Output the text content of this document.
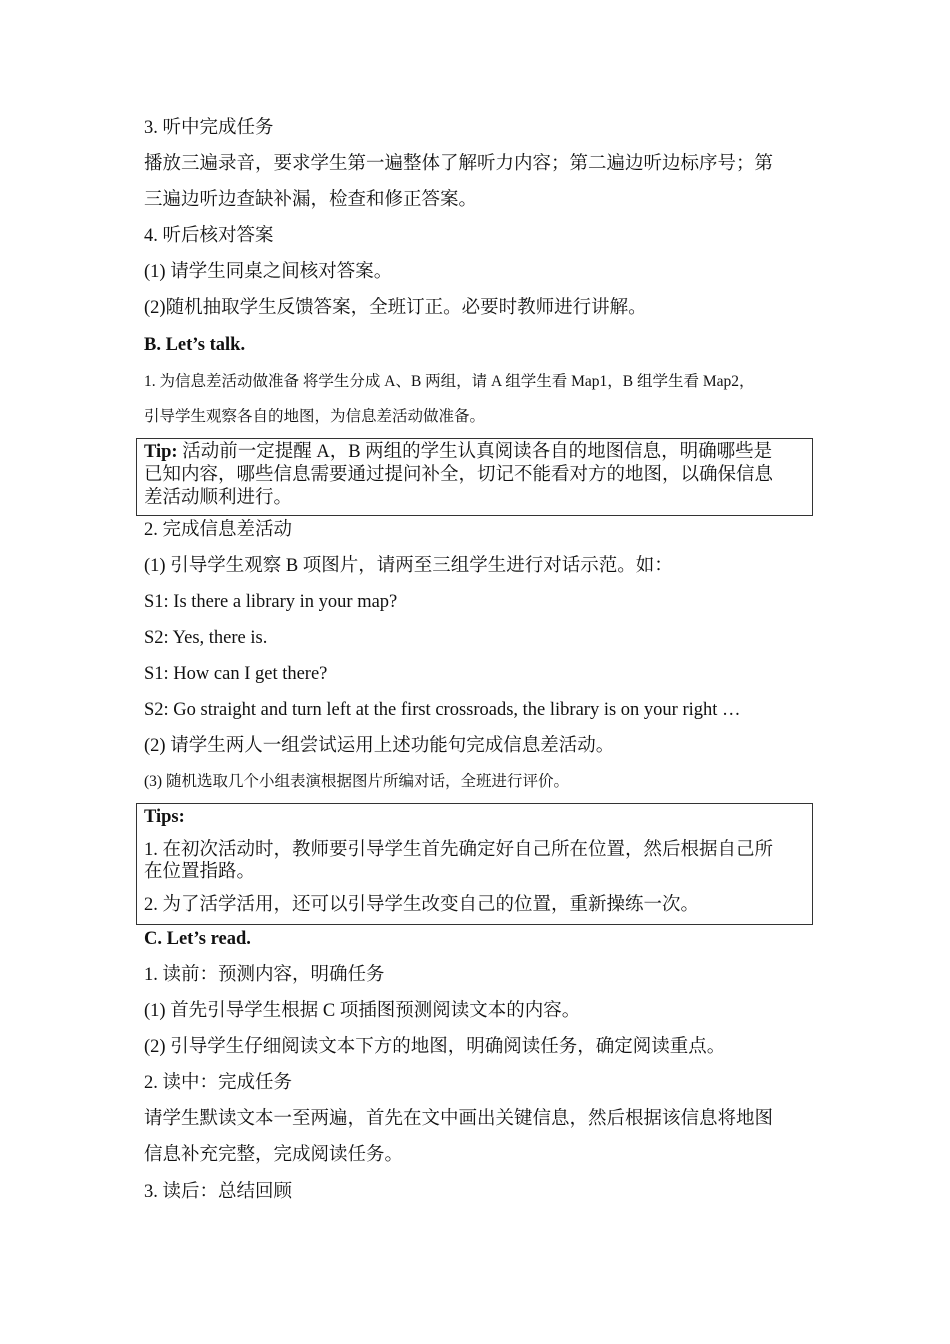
3. 听中完成任务
播放三遍录音，要求学生第一遍整体了解听力内容；第二遍边听边标序号；第
三遍边听边查缺补漏，检查和修正答案。
4. 听后核对答案
(1) 请学生同桌之间核对答案。
(2)随机抽取学生反馈答案，全班订正。必要时教师进行讲解。
B. Let’s talk.
1. 为信息差活动做准备 将学生分成 A、B 两组，请 A 组学生看 Map1，B 组学生看 Map2，
引导学生观察各自的地图，为信息差活动做准备。
Tip: 活动前一定提醒 A，B 两组的学生认真阅读各自的地图信息，明确哪些是
已知内容，哪些信息需要通过提问补全，切记不能看对方的地图，以确保信息
差活动顺利进行。
2. 完成信息差活动
(1) 引导学生观察 B 项图片，请两至三组学生进行对话示范。如：
S1: Is there a library in your map?
S2: Yes, there is.
S1: How can I get there?
S2: Go straight and turn left at the first crossroads, the library is on your right …
(2) 请学生两人一组尝试运用上述功能句完成信息差活动。
(3) 随机选取几个小组表演根据图片所编对话，全班进行评价。
Tips:
1. 在初次活动时，教师要引导学生首先确定好自己所在位置，然后根据自己所
在位置指路。
2. 为了活学活用，还可以引导学生改变自己的位置，重新操练一次。
C. Let’s read.
1. 读前：预测内容，明确任务
(1) 首先引导学生根据 C 项插图预测阅读文本的内容。
(2) 引导学生仔细阅读文本下方的地图，明确阅读任务，确定阅读重点。
2. 读中：完成任务
请学生默读文本一至两遍，首先在文中画出关键信息，然后根据该信息将地图
信息补充完整，完成阅读任务。
3. 读后：总结回顾
